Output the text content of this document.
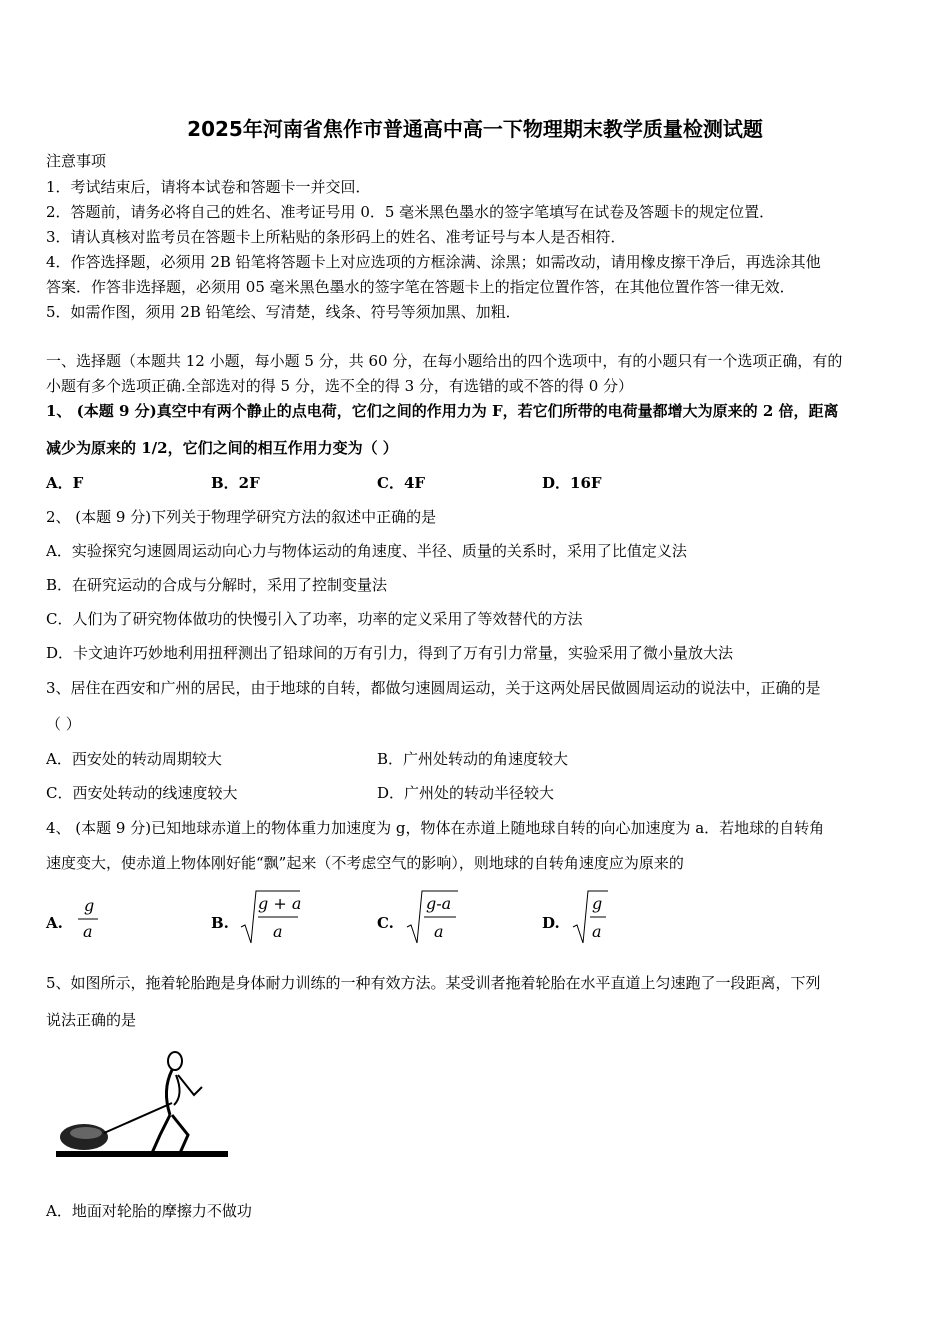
2025年河南省焦作市普通高中高一下物理期末教学质量检测试题
注意事项
1．考试结束后，请将本试卷和答题卡一并交回．
2．答题前，请务必将自己的姓名、准考证号用 0．5 毫米黑色墨水的签字笔填写在试卷及答题卡的规定位置．
3．请认真核对监考员在答题卡上所粘贴的条形码上的姓名、准考证号与本人是否相符．
4．作答选择题，必须用 2B 铅笔将答题卡上对应选项的方框涂满、涂黑；如需改动，请用橡皮擦干净后，再选涂其他
答案．作答非选择题，必须用 05 毫米黑色墨水的签字笔在答题卡上的指定位置作答，在其他位置作答一律无效．
5．如需作图，须用 2B 铅笔绘、写清楚，线条、符号等须加黑、加粗．
一、选择题（本题共 12 小题，每小题 5 分，共 60 分，在每小题给出的四个选项中，有的小题只有一个选项正确，有的
小题有多个选项正确.全部选对的得 5 分，选不全的得 3 分，有选错的或不答的得 0 分）
1、 (本题 9 分)真空中有两个静止的点电荷，它们之间的作用力为 F，若它们所带的电荷量都增大为原来的 2 倍，距离
减少为原来的 1/2，它们之间的相互作用力变为（ ）
A．F	B．2F	C．4F	D．16F
2、 (本题 9 分)下列关于物理学研究方法的叙述中正确的是
A．实验探究匀速圆周运动向心力与物体运动的角速度、半径、质量的关系时，采用了比值定义法
B．在研究运动的合成与分解时，采用了控制变量法
C．人们为了研究物体做功的快慢引入了功率，功率的定义采用了等效替代的方法
D．卡文迪许巧妙地利用扭秤测出了铅球间的万有引力，得到了万有引力常量，实验采用了微小量放大法
3、居住在西安和广州的居民，由于地球的自转，都做匀速圆周运动，关于这两处居民做圆周运动的说法中，正确的是
（ ）
A．西安处的转动周期较大	B．广州处转动的角速度较大
C．西安处转动的线速度较大	D．广州处的转动半径较大
4、 (本题 9 分)已知地球赤道上的物体重力加速度为 g，物体在赤道上随地球自转的向心加速度为 a．若地球的自转角
速度变大，使赤道上物体刚好能“飘”起来（不考虑空气的影响），则地球的自转角速度应为原来的
A.
g
a	B.
g + a
a	C.
g-a
a	D.
g
a
5、如图所示，拖着轮胎跑是身体耐力训练的一种有效方法。某受训者拖着轮胎在水平直道上匀速跑了一段距离，下列
说法正确的是
A．地面对轮胎的摩擦力不做功
